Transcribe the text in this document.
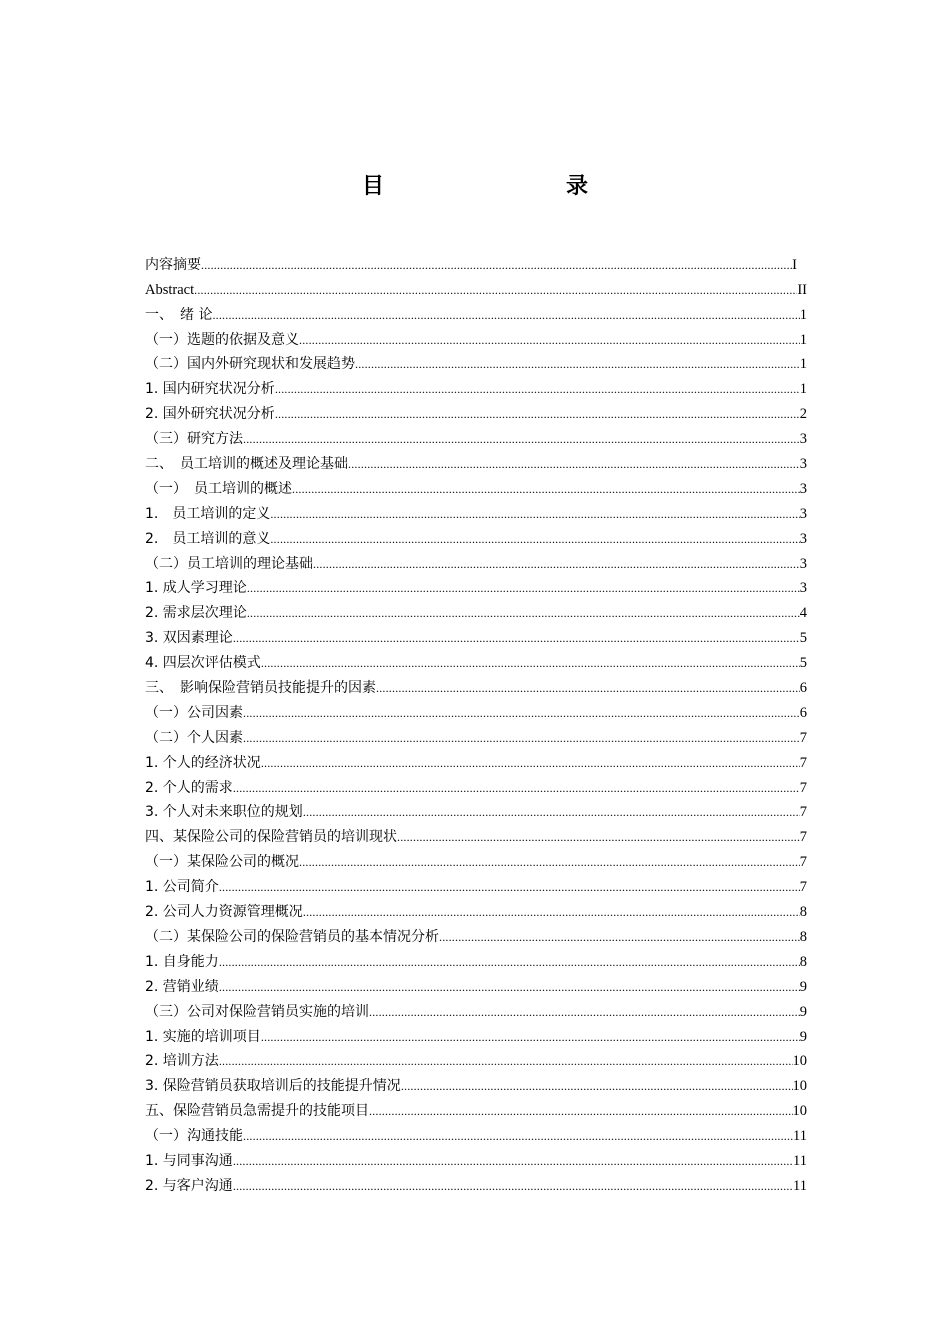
目　　录
内容摘要 .....	I
Abstract .....	II
一、　绪 论 .....	1
（一）选题的依据及意义 .....	1
（二）国内外研究现状和发展趋势 .....	1
1. 国内研究状况分析 .....	1
2. 国外研究状况分析 .....	2
（三）研究方法 .....	3
二、　员工培训的概述及理论基础 .....	3
（一）　员工培训的概述 .....	3
1.　员工培训的定义 .....	3
2.　员工培训的意义 .....	3
（二）员工培训的理论基础 .....	3
1. 成人学习理论 .....	3
2. 需求层次理论 .....	4
3. 双因素理论 .....	5
4. 四层次评估模式 .....	5
三、　影响保险营销员技能提升的因素 .....	6
（一）公司因素 .....	6
（二）个人因素 .....	7
1. 个人的经济状况 .....	7
2. 个人的需求 .....	7
3. 个人对未来职位的规划 .....	7
四、某保险公司的保险营销员的培训现状 .....	7
（一）某保险公司的概况 .....	7
1. 公司简介 .....	7
2. 公司人力资源管理概况 .....	8
（二）某保险公司的保险营销员的基本情况分析 .....	8
1. 自身能力 .....	8
2. 营销业绩 .....	9
（三）公司对保险营销员实施的培训 .....	9
1. 实施的培训项目 .....	9
2. 培训方法 .....	10
3. 保险营销员获取培训后的技能提升情况 .....	10
五、保险营销员急需提升的技能项目 .....	10
（一）沟通技能 .....	11
1. 与同事沟通 .....	11
2. 与客户沟通 .....	11
